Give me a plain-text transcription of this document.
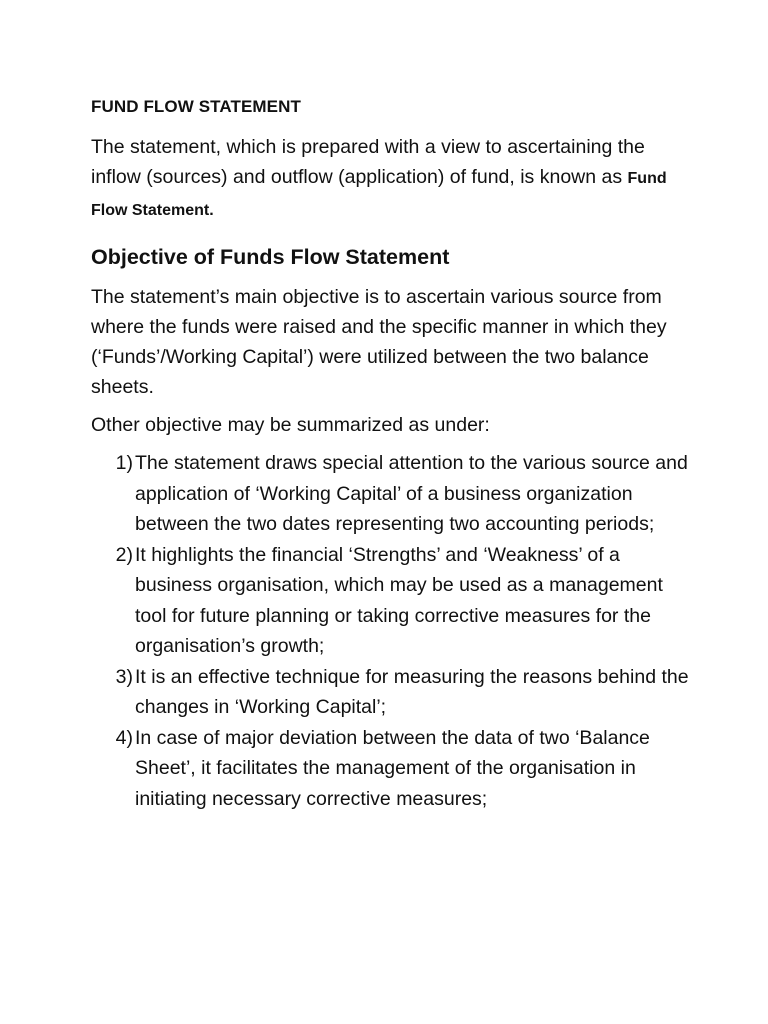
FUND FLOW STATEMENT

The statement, which is prepared with a view to ascertaining the inflow (sources) and outflow (application) of fund, is known as Fund Flow Statement.

Objective of Funds Flow Statement

The statement’s main objective is to ascertain various source from where the funds were raised and the specific manner in which they (‘Funds’/Working Capital’) were utilized between the two balance sheets.

Other objective may be summarized as under:

1) The statement draws special attention to the various source and application of ‘Working Capital’ of a business organization between the two dates representing two accounting periods;
2) It highlights the financial ‘Strengths’ and ‘Weakness’ of a business organisation, which may be used as a management tool for future planning or taking corrective measures for the organisation’s growth;
3) It is an effective technique for measuring the reasons behind the changes in ‘Working Capital’;
4) In case of major deviation between the data of two ‘Balance Sheet’, it facilitates the management of the organisation in initiating necessary corrective measures;
